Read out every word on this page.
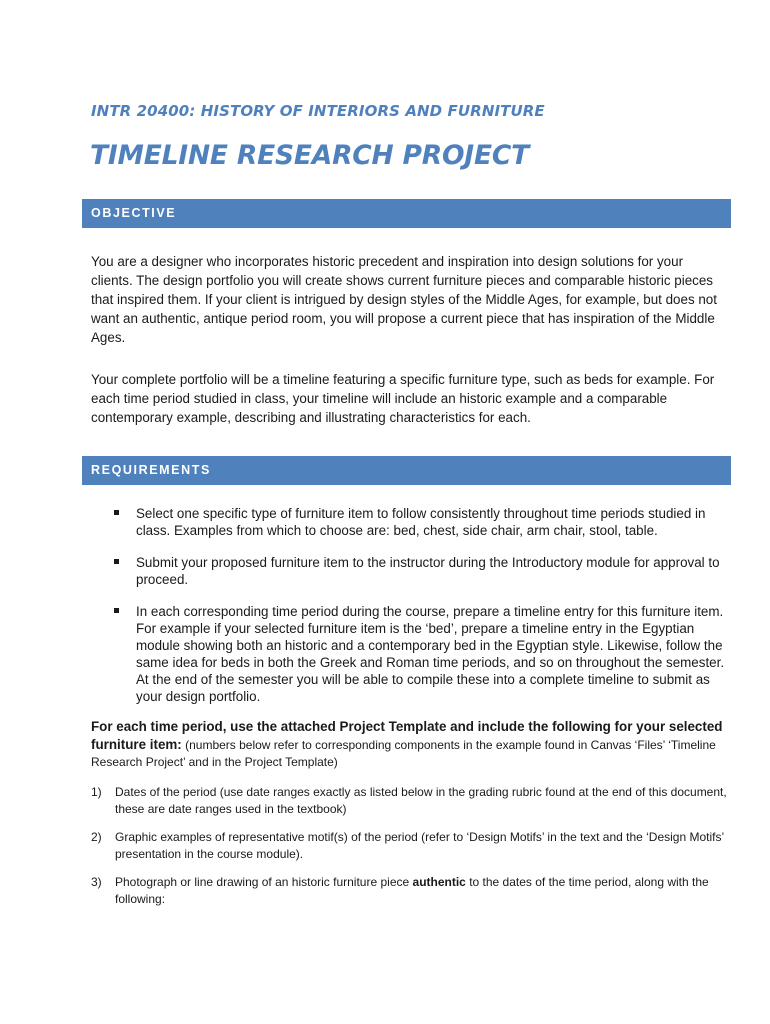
INTR 20400: HISTORY OF INTERIORS AND FURNITURE
TIMELINE RESEARCH PROJECT
OBJECTIVE

You are a designer who incorporates historic precedent and inspiration into design solutions for your clients. The design portfolio you will create shows current furniture pieces and comparable historic pieces that inspired them. If your client is intrigued by design styles of the Middle Ages, for example, but does not want an authentic, antique period room, you will propose a current piece that has inspiration of the Middle Ages.

Your complete portfolio will be a timeline featuring a specific furniture type, such as beds for example. For each time period studied in class, your timeline will include an historic example and a comparable contemporary example, describing and illustrating characteristics for each.

REQUIREMENTS
Select one specific type of furniture item to follow consistently throughout time periods studied in class. Examples from which to choose are: bed, chest, side chair, arm chair, stool, table.
Submit your proposed furniture item to the instructor during the Introductory module for approval to proceed.
In each corresponding time period during the course, prepare a timeline entry for this furniture item. For example if your selected furniture item is the ‘bed’, prepare a timeline entry in the Egyptian module showing both an historic and a contemporary bed in the Egyptian style. Likewise, follow the same idea for beds in both the Greek and Roman time periods, and so on throughout the semester. At the end of the semester you will be able to compile these into a complete timeline to submit as your design portfolio.

For each time period, use the attached Project Template and include the following for your selected furniture item: (numbers below refer to corresponding components in the example found in Canvas ‘Files’ ‘Timeline Research Project’ and in the Project Template)

1) Dates of the period (use date ranges exactly as listed below in the grading rubric found at the end of this document, these are date ranges used in the textbook)
2) Graphic examples of representative motif(s) of the period (refer to ‘Design Motifs’ in the text and the ‘Design Motifs’ presentation in the course module).
3) Photograph or line drawing of an historic furniture piece authentic to the dates of the time period, along with the following:
